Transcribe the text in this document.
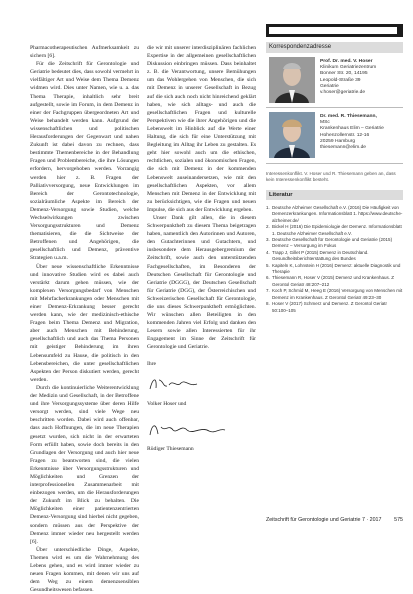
Pharmacotherapeutischen Aufmerksamkeit zu sichern [6].

Für die Zeitschrift für Gerontologie und Geriatrie bedeutet dies, dass sowohl vermehrt in vielfältiger Art und Weise dem Thema Demenz widmen wird. Dies unter Namen, wie u. a. das Thema Therapie, inhaltlich sehr breit aufgestellt, sowie im Forum, in dem Demenz in einer der Fachgruppen übergeordneten Art und Weise behandelt werden kann. Aufgrund der wissenschaftlichen und politischen Herausforderungen der Gegenwart und nahen Zukunft ist dabei davon zu rechnen, dass bestimmte Themenbereiche in der Behandlung Fragen und Problembereiche, die ihre Lösungen erfordern, hervorgehoben werden. Vorrangig werden hier z. B. Fragen der Palliativversorgung, neue Entwicklungen im Bereich der Gerontotechnologie, sozialräumliche Aspekte im Bereich der Demenz-Versorgung sowie Studien, welche Wechselwirkungen zwischen Versorgungsstrukturen und Demenz thematisieren, die die Sichtweise der Betroffenen und Angehörigen, die gesellschaftlich und Demenz, präventive Strategien u.a.m.

Über neue wissenschaftliche Erkenntnisse und innovative Studien wird es dabei auch verstärkt darum gehen müssen, wie der komplexen Versorgungsbedarf von Menschen mit Mehrfacherkrankungen oder Menschen mit einer Demenz-Erkrankung besser gerecht werden kann, wie der medizinisch-ethische Fragen beim Thema Demenz und Migration, aber auch Menschen mit Behinderung, gesellschaftlich und auch das Thema Personen mit geistiger Behinderung im ihren Lebensumfeld zu Hause, die politisch in den Lebensbereichen, die unter gesellschaftlichen Aspekten der Person diskutiert werden, gerecht werden.

Durch die kontinuierliche Weiterentwicklung der Medizin und Gesellschaft, in der Betroffene und ihre Versorgungssysteme über deren Hilfe versorgt werden, sind viele Wege neu beschritten worden. Dabei wird auch offenbar, dass auch Hoffnungen, die im neue Therapien gesetzt wurden, sich nicht in der erwarteten Form erfüllt haben, sowie doch bereits in den Grundlagen der Versorgung und auch hier neue Fragen zu beantworten sind, die vielen Erkenntnisse über Versorgungsstrukturen und Möglichkeiten und Grenzen der interprofessionellen Zusammenarbeit mit einbezogen werden, um die Herausforderungen der Zukunft im Blick zu behalten. Die Möglichkeiten einer patientenzentrierten Demenz-Versorgung sind hierbei nicht gegeben, sondern müssen aus der Perspektive der Demenz immer wieder neu hergestellt werden [6].

Über unterschiedliche Dinge, Aspekte, Themen wird es um die Wahrnehmung des Lebens gehen, und es wird immer wieder zu neuen Fragen kommen, mit denen wir uns auf dem Weg zu einem demenzsensiblen Gesundheitswesen befassen.

die wir mit unserer interdisziplinären fachlichen Expertise in der allgemeinen gesellschaftlichen Diskussion einbringen müssen. Dass beinhaltet z. B. die Verantwortung, unsere Bemühungen um das Wohlergehen von Menschen, die sich mit Demenz in unserer Gesellschaft in Bezug auf die sich auch noch nicht hinreichend geklärt haben, wie sich alltags- und auch die gesellschaftlichen Fragen und kulturelle Perspektiven wie die ihrer Angehörigen und die Lebenswelt im Hinblick auf die Werte einer Haltung, die sich für eine Unterstützung mit Begleitung im Alltag ihr Leben zu gestalten. Es geht hier sowohl auch um die ethischen, rechtlichen, sozialen und ökonomischen Fragen, die sich mit Demenz in der kommenden Lebenswelt auseinandersetzen, wie mit den gesellschaftlichen Aspekten, vor allem Menschen mit Demenz in der Entwicklung mit zu berücksichtigen, wie die Fragen und neuen Impulse, die sich aus der Entwicklung ergeben.

Unser Dank gilt allen, die in diesem Schwerpunktheft zu diesem Thema beigetragen haben, namentlich den Autorinnen und Autoren, den Gutachterinnen und Gutachtern, und insbesondere dem Herausgebergremium der Zeitschrift, sowie auch den unterstützenden Fachgesellschaften, im Besonderen der Deutschen Gesellschaft für Gerontologie und Geriatrie (DGGG), der Deutschen Gesellschaft für Geriatrie (DGG), der Österreichischen und Schweizerischen Gesellschaft für Gerontologie, die uns dieses Schwerpunktheft ermöglichten. Wir wünschen allen Beteiligten in den kommenden Jahren viel Erfolg und danken den Lesern sowie allen Interessierten für ihr Engagement im Sinne der Zeitschrift für Gerontologie und Geriatrie.

Ihre

Volker Hoser und
Rüdiger Thiesemann
Korrespondenzadresse
Prof. Dr. med. V. Hoser
Klinikum Geriatriezentrum
Bonner Str. 20, 14195
Leopold-Straße 39
Geriatrie
v.hoser@geriatrie.de
Dr. med. R. Thiesemann,
MSc
Krankenhaus Elim – Geriatrie
Hohenzollernstr. 12-16
20259 Hamburg
thiesemann@elim.de
Interessenkonflikt. V. Hoser und R. Thiesemann geben an, dass kein Interessenkonflikt besteht.
Literatur
1. Deutsche Alzheimer Gesellschaft e.V. (2016) Die Häufigkeit von Demenzerkrankungen. Informationsblatt 1. https://www.deutsche-alzheimer.de/
2. Bickel H (2016) Die Epidemiologie der Demenz. Informationsblatt 1. Deutsche Alzheimer Gesellschaft e.V.
3. Deutsche Gesellschaft für Gerontologie und Geriatrie (2015) Demenz – Versorgung im Fokus
4. Trapp J, Gillet P (2015) Demenz in Deutschland. Gesundheitsberichterstattung des Bundes
5. Kapiteln K, Lohnstein H (2016) Demenz: aktuelle Diagnostik und Therapie
6. Thiesemann R, Hoser V (2015) Demenz und Krankenhaus. Z Gerontol Geriatr 48:207–212
7. Koch P, Schmid M, Heeg E (2016) Versorgung von Menschen mit Demenz im Krankenhaus. Z Gerontol Geriatr 49:23–30
8. Hoser V (2017) Schmerz und Demenz. Z Gerontol Geriatr 50:100–105
Zeitschrift für Gerontologie und Geriatrie 7 · 2017 575
